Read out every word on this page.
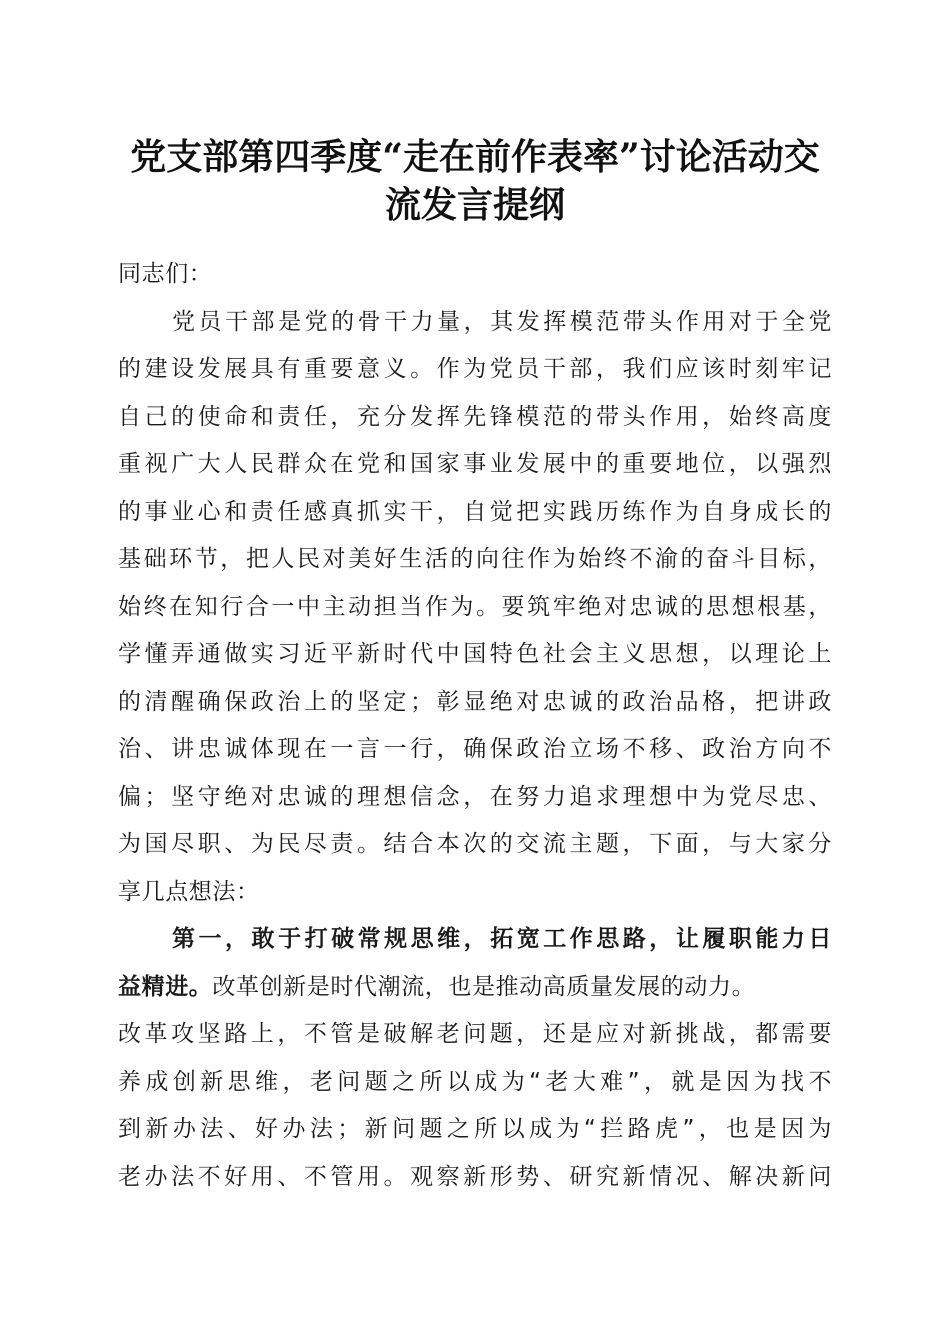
党支部第四季度“走在前作表率”讨论活动交
流发言提纲
同志们：
党员干部是党的骨干力量，其发挥模范带头作用对于全党
的建设发展具有重要意义。作为党员干部，我们应该时刻牢记
自己的使命和责任，充分发挥先锋模范的带头作用，始终高度
重视广大人民群众在党和国家事业发展中的重要地位，以强烈
的事业心和责任感真抓实干，自觉把实践历练作为自身成长的
基础环节，把人民对美好生活的向往作为始终不渝的奋斗目标，
始终在知行合一中主动担当作为。要筑牢绝对忠诚的思想根基，
学懂弄通做实习近平新时代中国特色社会主义思想，以理论上
的清醒确保政治上的坚定；彰显绝对忠诚的政治品格，把讲政
治、讲忠诚体现在一言一行，确保政治立场不移、政治方向不
偏；坚守绝对忠诚的理想信念，在努力追求理想中为党尽忠、
为国尽职、为民尽责。结合本次的交流主题，下面，与大家分
享几点想法：
第一，敢于打破常规思维，拓宽工作思路，让履职能力日
益精进。改革创新是时代潮流，也是推动高质量发展的动力。
改革攻坚路上，不管是破解老问题，还是应对新挑战，都需要
养成创新思维，老问题之所以成为“老大难”，就是因为找不
到新办法、好办法；新问题之所以成为“拦路虎”，也是因为
老办法不好用、不管用。观察新形势、研究新情况、解决新问
